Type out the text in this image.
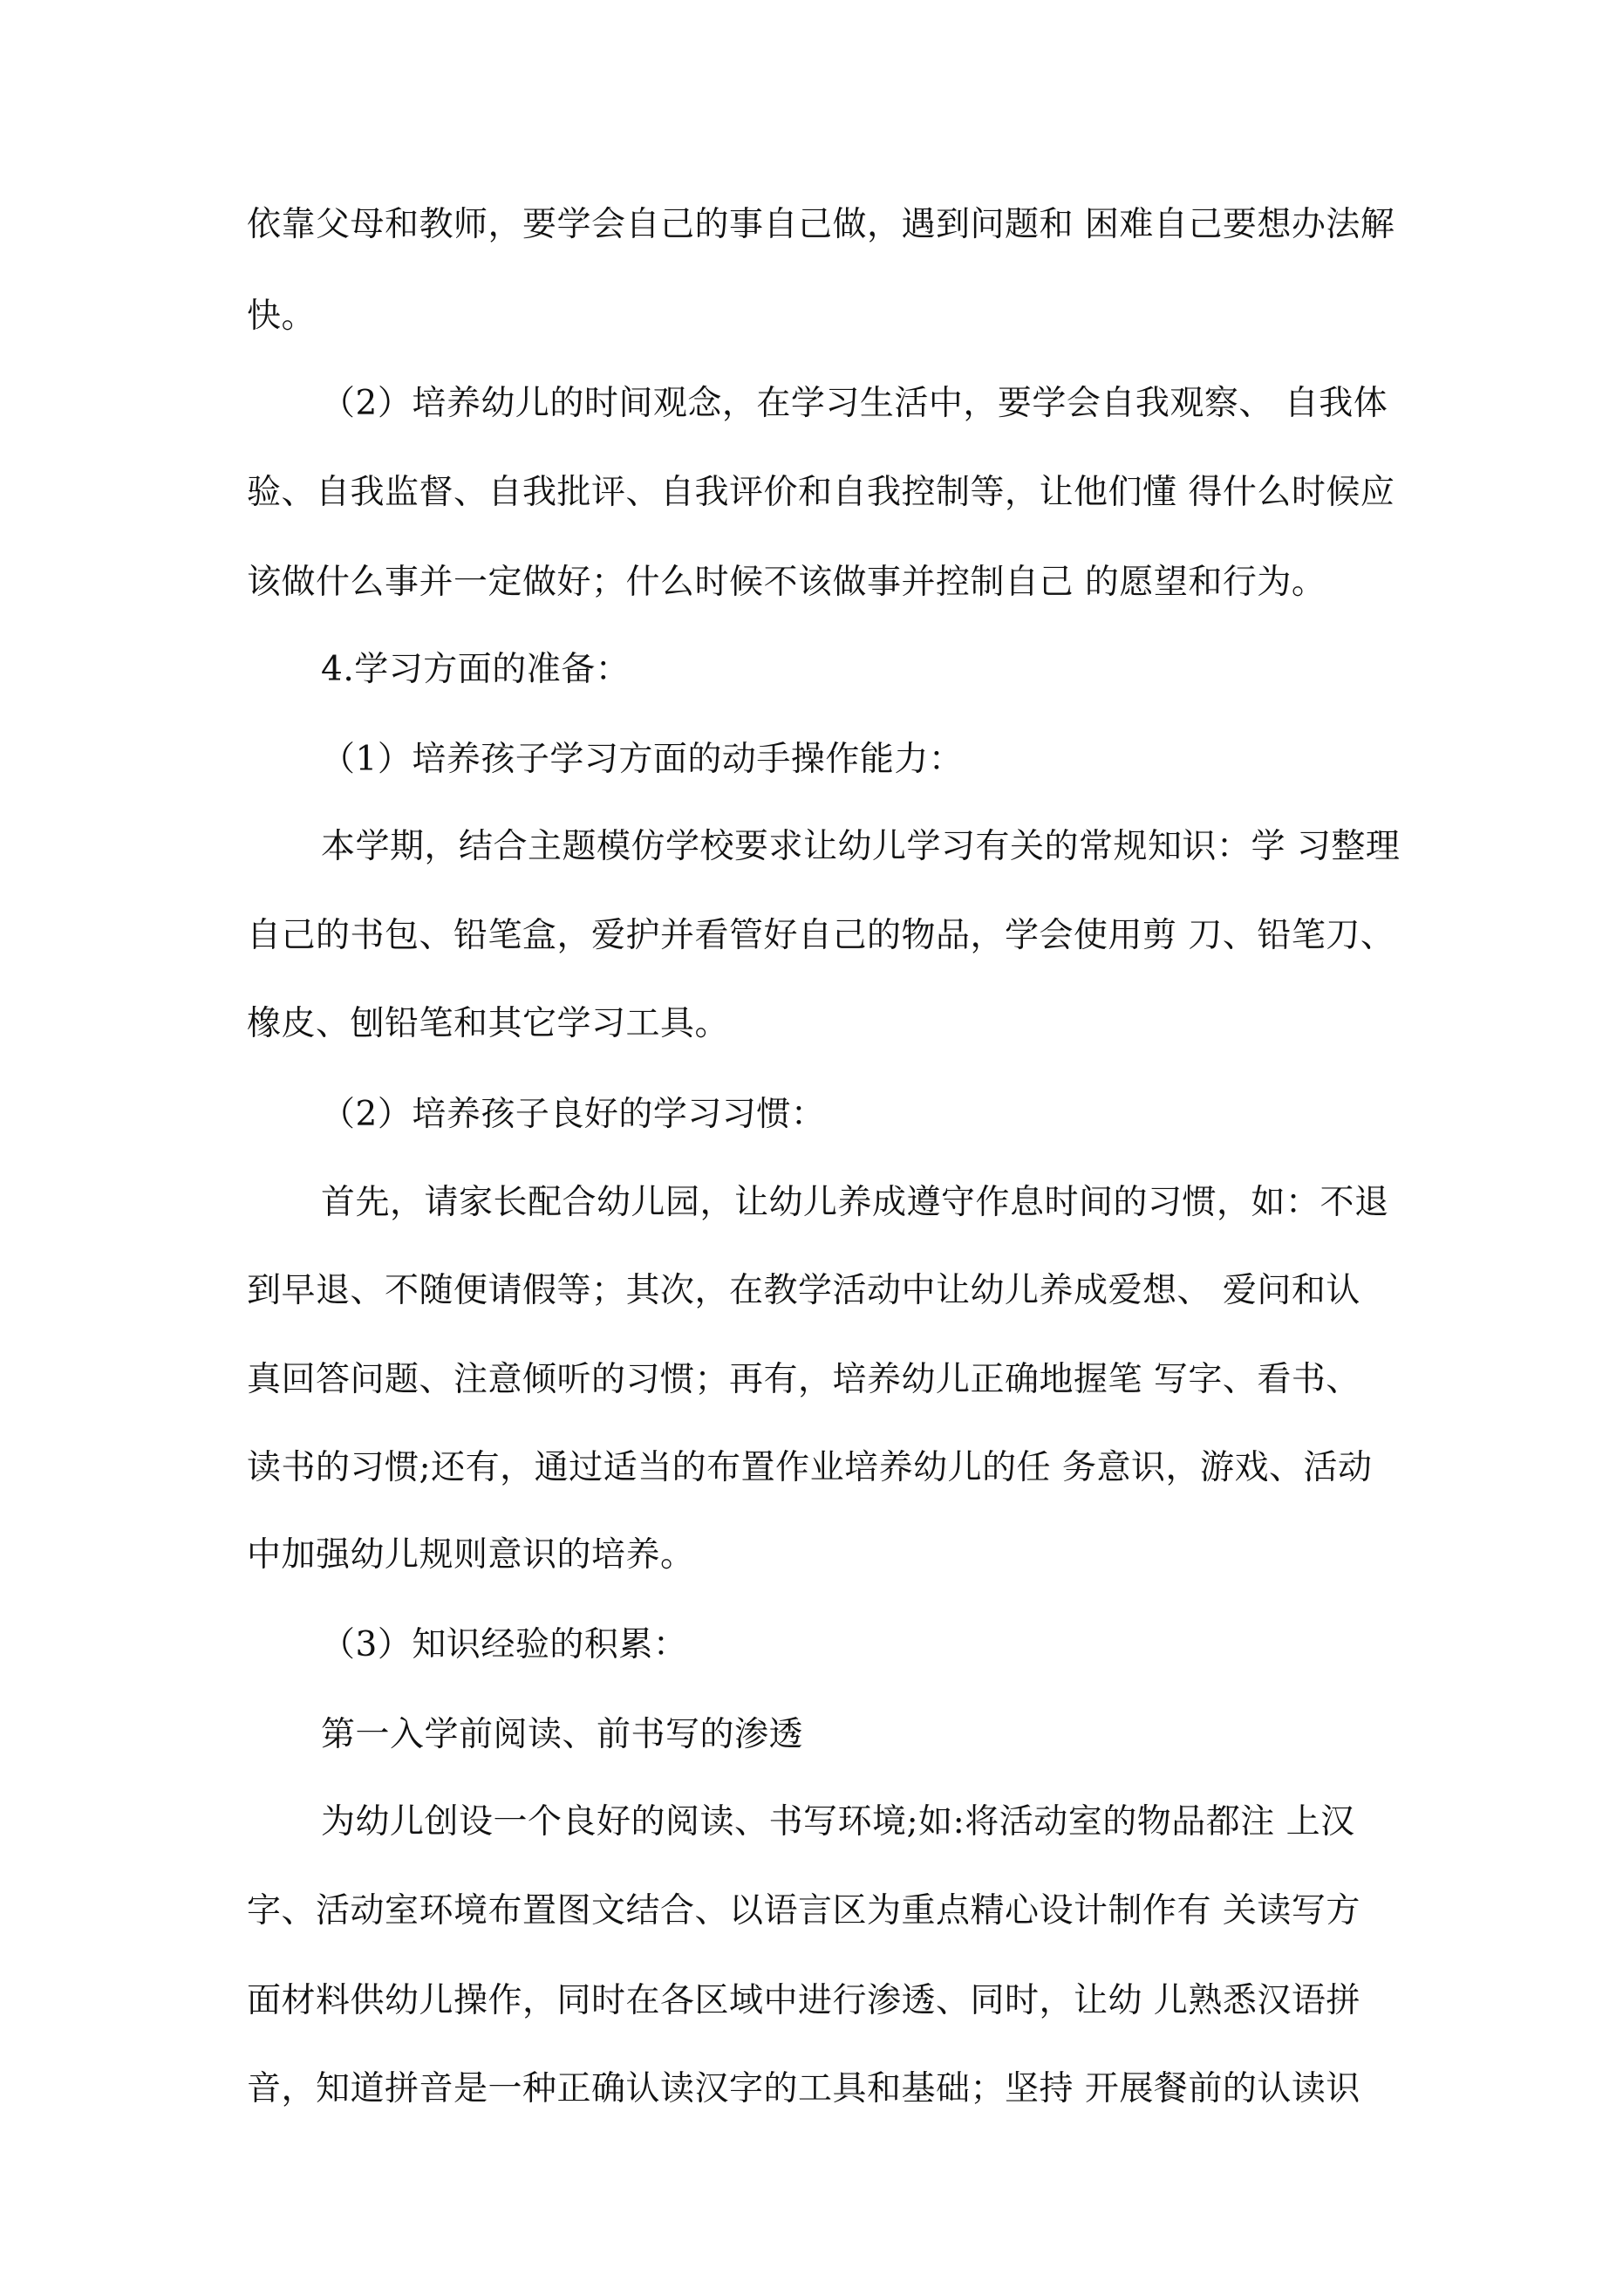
依靠父母和教师，要学会自己的事自己做，遇到问题和 困难自己要想办法解
快。
（2）培养幼儿的时间观念，在学习生活中，要学会自我观察、 自我体
验、自我监督、自我批评、自我评价和自我控制等，让他们懂 得什么时候应
该做什么事并一定做好；什么时候不该做事并控制自己 的愿望和行为。
4.学习方面的准备：
（1）培养孩子学习方面的动手操作能力：
本学期，结合主题模仿学校要求让幼儿学习有关的常规知识：学 习整理
自己的书包、铅笔盒，爱护并看管好自己的物品，学会使用剪 刀、铅笔刀、
橡皮、刨铅笔和其它学习工具。
（2）培养孩子良好的学习习惯：
首先，请家长配合幼儿园，让幼儿养成遵守作息时间的习惯，如：不退
到早退、不随便请假等；其次，在教学活动中让幼儿养成爱想、 爱问和认
真回答问题、注意倾听的习惯；再有，培养幼儿正确地握笔 写字、看书、
读书的习惯;还有，通过适当的布置作业培养幼儿的任 务意识，游戏、活动
中加强幼儿规则意识的培养。
（3）知识经验的积累：
第一入学前阅读、前书写的渗透
为幼儿创设一个良好的阅读、书写环境;如:将活动室的物品都注 上汉
字、活动室环境布置图文结合、以语言区为重点精心设计制作有 关读写方
面材料供幼儿操作，同时在各区域中进行渗透、同时，让幼 儿熟悉汉语拼
音，知道拼音是一种正确认读汉字的工具和基础；坚持 开展餐前的认读识
